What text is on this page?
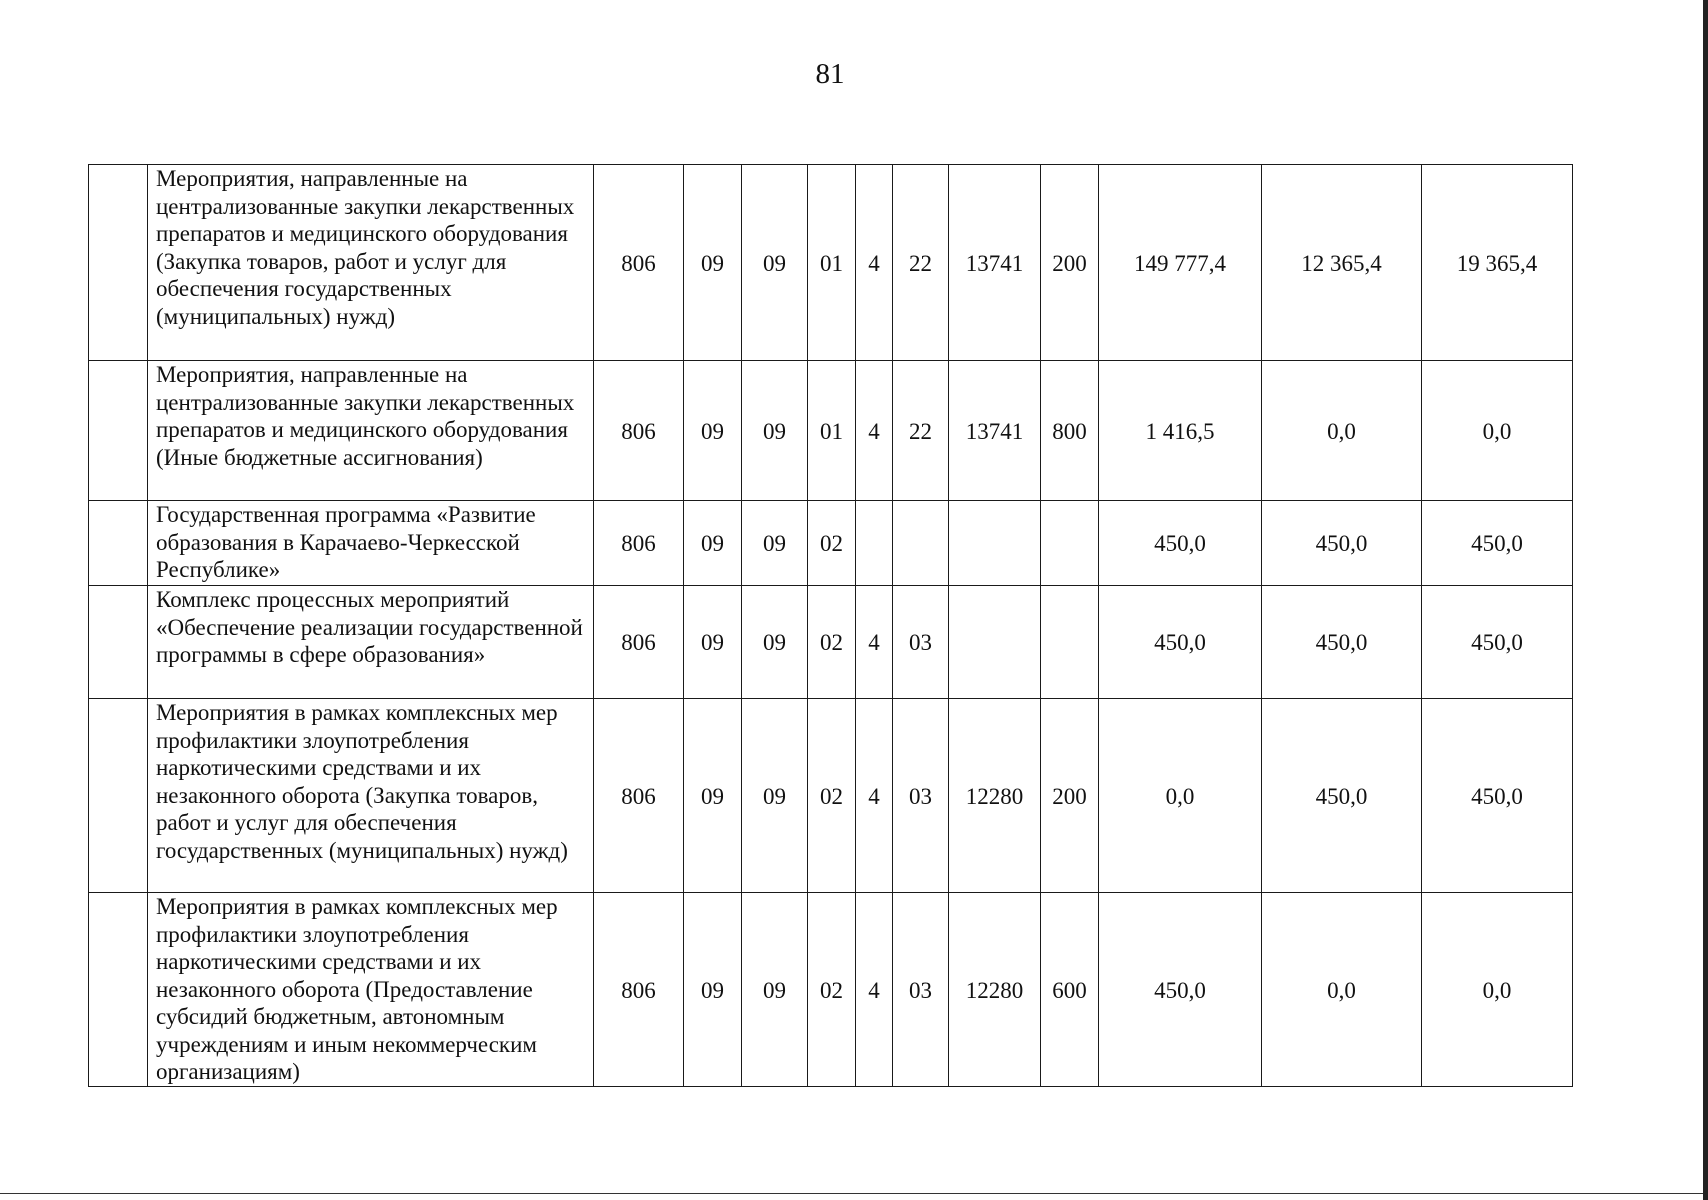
81
	Мероприятия, направленные на централизованные закупки лекарственных препаратов и медицинского оборудования (Закупка товаров, работ и услуг для обеспечения государственных (муниципальных) нужд)	806	09	09	01	4	22	13741	200	149 777,4	12 365,4	19 365,4
	Мероприятия, направленные на централизованные закупки лекарственных препаратов и медицинского оборудования (Иные бюджетные ассигнования)	806	09	09	01	4	22	13741	800	1 416,5	0,0	0,0
	Государственная программа «Развитие образования в Карачаево-Черкесской Республике»	806	09	09	02					450,0	450,0	450,0
	Комплекс процессных мероприятий «Обеспечение реализации государственной программы в сфере образования»	806	09	09	02	4	03			450,0	450,0	450,0
	Мероприятия в рамках комплексных мер профилактики злоупотребления наркотическими средствами и их незаконного оборота (Закупка товаров, работ и услуг для обеспечения государственных (муниципальных) нужд)	806	09	09	02	4	03	12280	200	0,0	450,0	450,0
	Мероприятия в рамках комплексных мер профилактики злоупотребления наркотическими средствами и их незаконного оборота (Предоставление субсидий бюджетным, автономным учреждениям и иным некоммерческим организациям)	806	09	09	02	4	03	12280	600	450,0	0,0	0,0
